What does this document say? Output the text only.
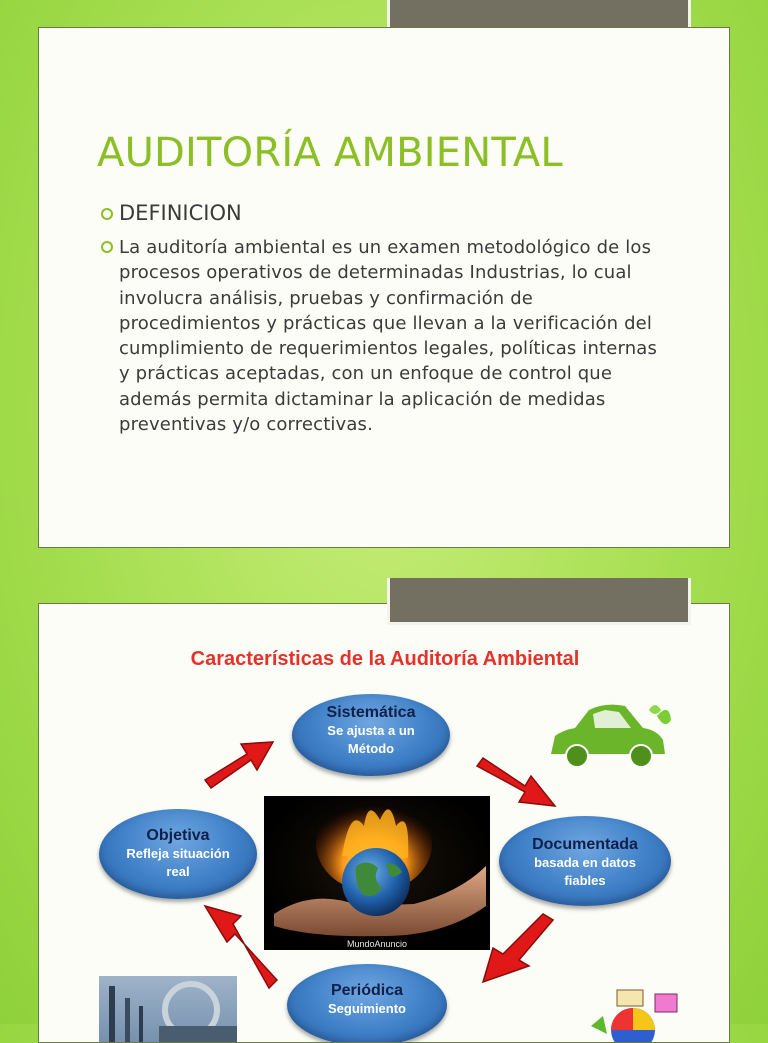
AUDITORÍA AMBIENTAL
DEFINICION
La auditoría ambiental es un examen metodológico de los procesos operativos de determinadas Industrias, lo cual involucra análisis, pruebas y confirmación de procedimientos y prácticas que llevan a la verificación del cumplimiento de requerimientos legales, políticas internas y prácticas aceptadas, con un enfoque de control que además permita dictaminar la aplicación de medidas preventivas y/o correctivas.
Características de la Auditoría Ambiental
Sistemática
Se ajusta a un
Método
Documentada
basada en datos
fiables
Objetiva
Refleja situación
real
Periódica
Seguimiento
MundoAnuncio
